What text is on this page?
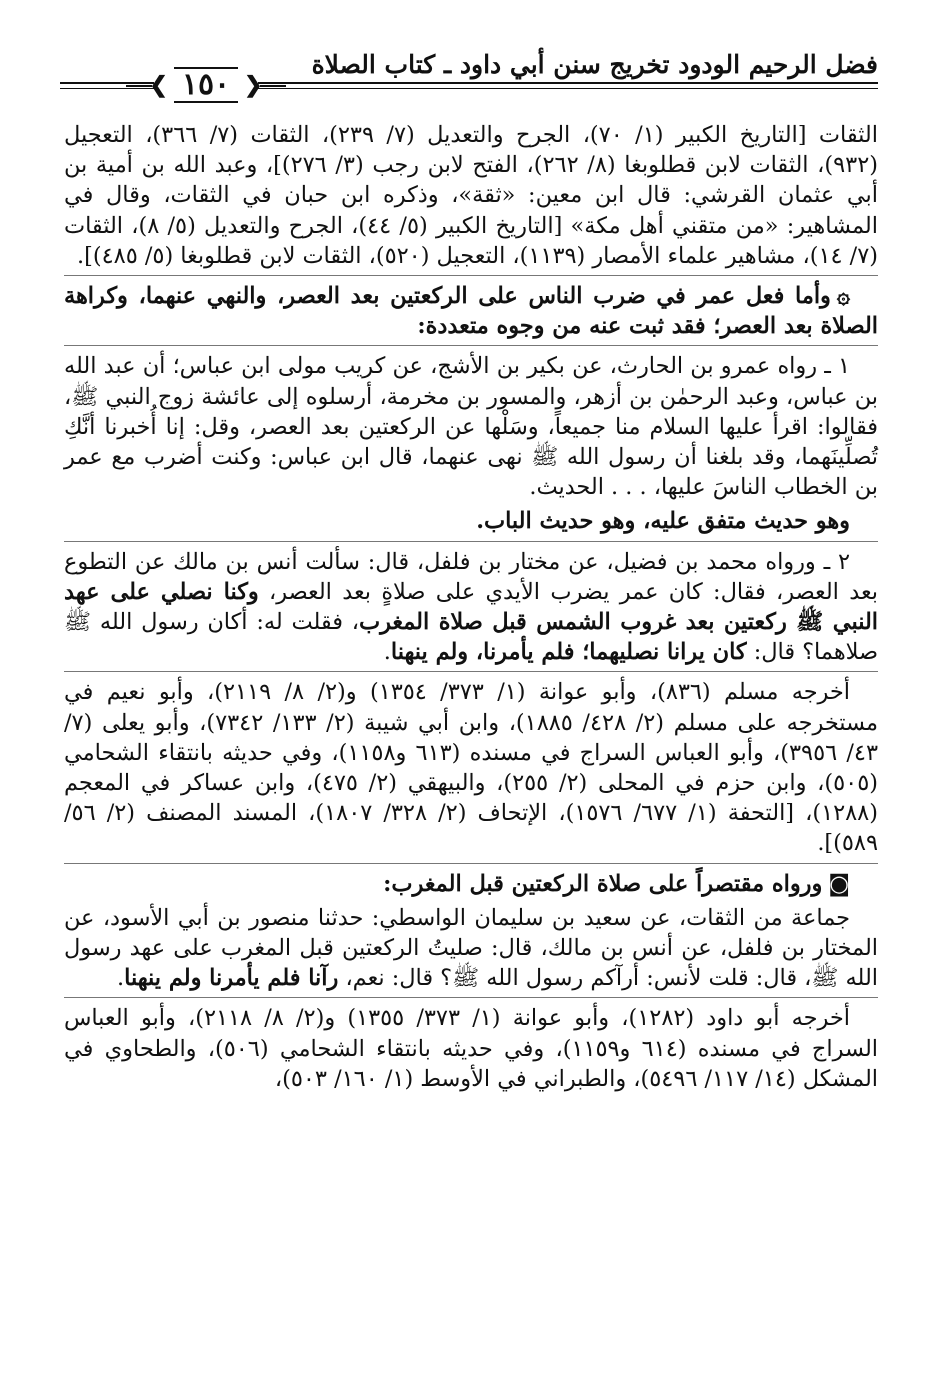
فضل الرحيم الودود تخريج سنن أبي داود ـ كتاب الصلاة
❮ ١٥٠ ❯

الثقات [التاريخ الكبير (١/ ٧٠)، الجرح والتعديل (٧/ ٢٣٩)، الثقات (٧/ ٣٦٦)، التعجيل (٩٣٢)، الثقات لابن قطلوبغا (٨/ ٢٦٢)، الفتح لابن رجب (٣/ ٢٧٦)]، وعبد الله بن أمية بن أبي عثمان القرشي: قال ابن معين: «ثقة»، وذكره ابن حبان في الثقات، وقال في المشاهير: «من متقني أهل مكة» [التاريخ الكبير (٥/ ٤٤)، الجرح والتعديل (٥/ ٨)، الثقات (٧/ ١٤)، مشاهير علماء الأمصار (١١٣٩)، التعجيل (٥٢٠)، الثقات لابن قطلوبغا (٥/ ٤٨٥)].

۞وأما فعل عمر في ضرب الناس على الركعتين بعد العصر، والنهي عنهما، وكراهة الصلاة بعد العصر؛ فقد ثبت عنه من وجوه متعددة:

١ ـ رواه عمرو بن الحارث، عن بكير بن الأشج، عن كريب مولى ابن عباس؛ أن عبد الله بن عباس، وعبد الرحمٰن بن أزهر، والمسور بن مخرمة، أرسلوه إلى عائشة زوج النبي ﷺ، فقالوا: اقرأ عليها السلام منا جميعاً، وسَلْها عن الركعتين بعد العصر، وقل: إنا أُخبرنا أنَّكِ تُصلِّينَهما، وقد بلغنا أن رسول الله ﷺ نهى عنهما، قال ابن عباس: وكنت أضرب مع عمر بن الخطاب الناسَ عليها، . . . الحديث.

وهو حديث متفق عليه، وهو حديث الباب.

٢ ـ ورواه محمد بن فضيل، عن مختار بن فلفل، قال: سألت أنس بن مالك عن التطوع بعد العصر، فقال: كان عمر يضرب الأيدي على صلاةٍ بعد العصر، وكنا نصلي على عهد النبي ﷺ ركعتين بعد غروب الشمس قبل صلاة المغرب، فقلت له: أكان رسول الله ﷺ صلاهما؟ قال: كان يرانا نصليهما؛ فلم يأمرنا، ولم ينهنا.

أخرجه مسلم (٨٣٦)، وأبو عوانة (١/ ٣٧٣/ ١٣٥٤) و(٢/ ٨/ ٢١١٩)، وأبو نعيم في مستخرجه على مسلم (٢/ ٤٢٨/ ١٨٨٥)، وابن أبي شيبة (٢/ ١٣٣/ ٧٣٤٢)، وأبو يعلى (٧/ ٤٣/ ٣٩٥٦)، وأبو العباس السراج في مسنده (٦١٣ و١١٥٨)، وفي حديثه بانتقاء الشحامي (٥٠٥)، وابن حزم في المحلى (٢/ ٢٥٥)، والبيهقي (٢/ ٤٧٥)، وابن عساكر في المعجم (١٢٨٨)، [التحفة (١/ ٦٧٧/ ١٥٧٦)، الإتحاف (٢/ ٣٢٨/ ١٨٠٧)، المسند المصنف (٢/ ٥٦/ ٥٨٩)].

◙ورواه مقتصراً على صلاة الركعتين قبل المغرب:

جماعة من الثقات، عن سعيد بن سليمان الواسطي: حدثنا منصور بن أبي الأسود، عن المختار بن فلفل، عن أنس بن مالك، قال: صليتُ الركعتين قبل المغرب على عهد رسول الله ﷺ، قال: قلت لأنس: أرآكم رسول الله ﷺ؟ قال: نعم، رآنا فلم يأمرنا ولم ينهنا.

أخرجه أبو داود (١٢٨٢)، وأبو عوانة (١/ ٣٧٣/ ١٣٥٥) و(٢/ ٨/ ٢١١٨)، وأبو العباس السراج في مسنده (٦١٤ و١١٥٩)، وفي حديثه بانتقاء الشحامي (٥٠٦)، والطحاوي في المشكل (١٤/ ١١٧/ ٥٤٩٦)، والطبراني في الأوسط (١/ ١٦٠/ ٥٠٣)،
